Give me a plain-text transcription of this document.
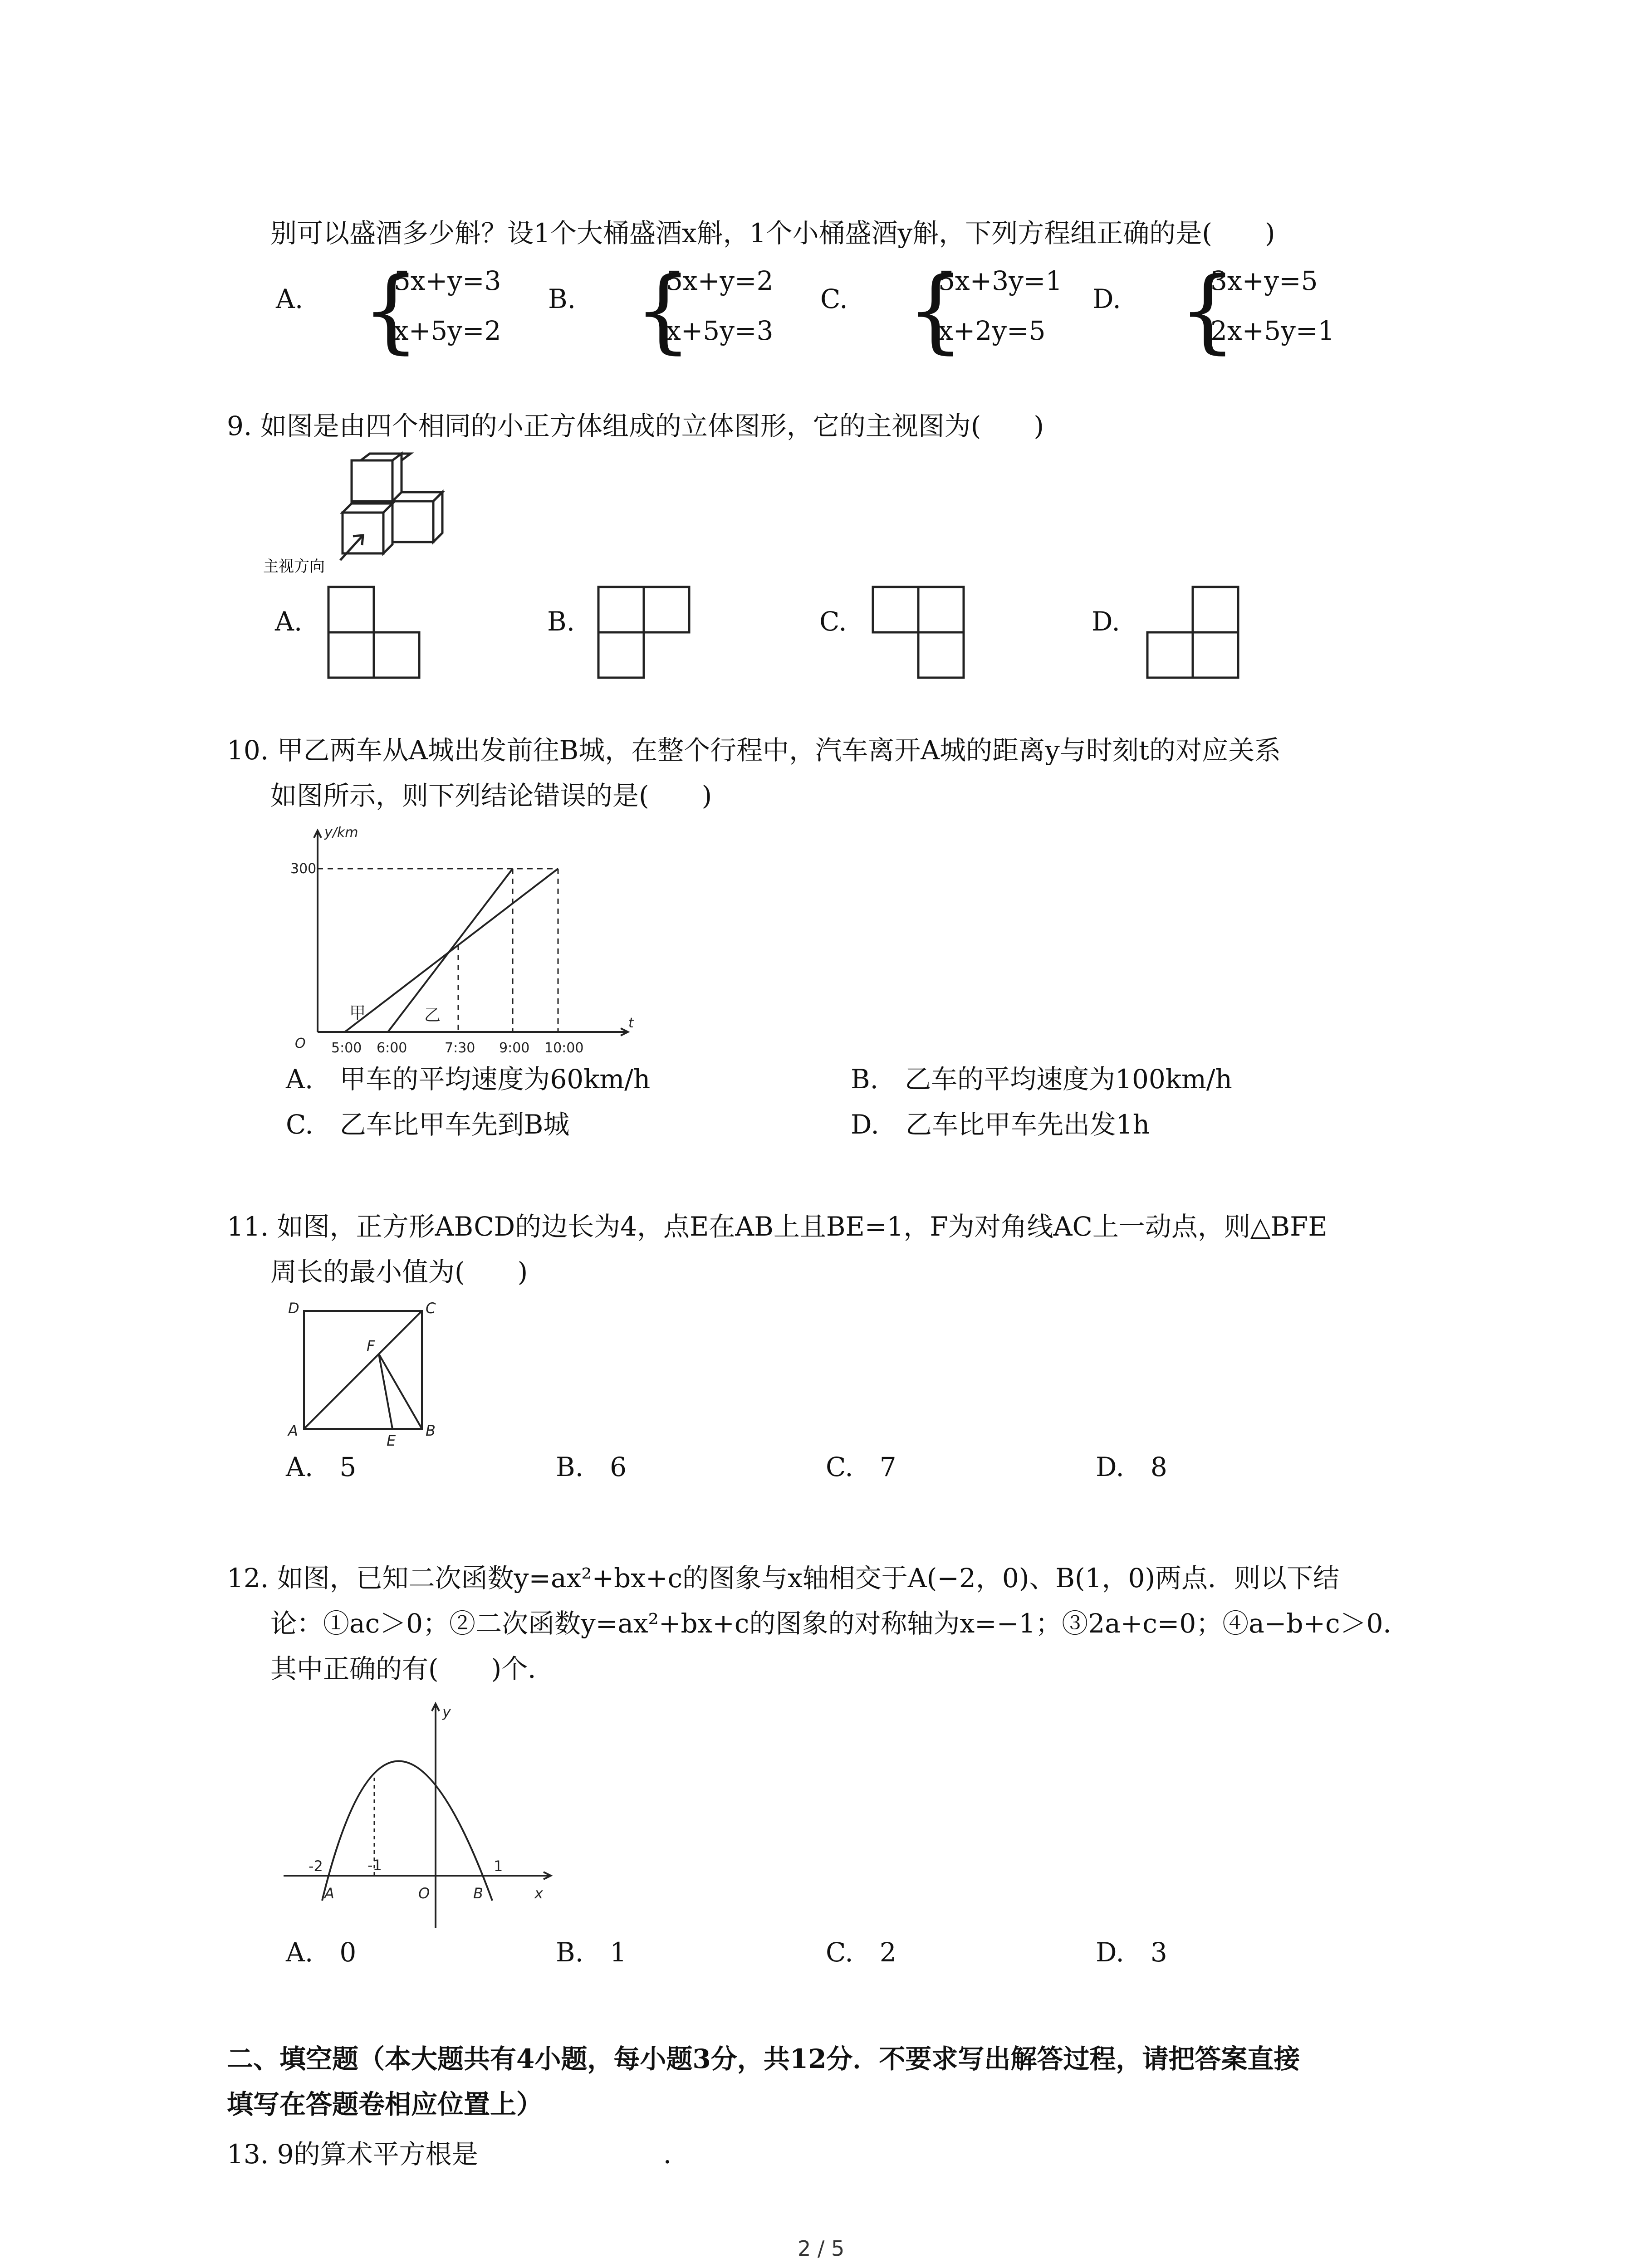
别可以盛酒多少斛？设1个大桶盛酒x斛，1个小桶盛酒y斛，下列方程组正确的是(　　)
A. {
5x+y=3
x+5y=2
B. {
5x+y=2
x+5y=3
C. {
5x+3y=1
x+2y=5
D. {
3x+y=5
2x+5y=1
9. 如图是由四个相同的小正方体组成的立体图形，它的主视图为(　　)
主视方向
A.	B.	C.	D.
10. 甲乙两车从A城出发前往B城，在整个行程中，汽车离开A城的距离y与时刻t的对应关系
如图所示，则下列结论错误的是(　　)
y/km
t
O
300
5:00 6:00	7:30 9:00 10:00
甲	乙
A.　 甲车的平均速度为60km/h	B.　 乙车的平均速度为100km/h
C.　 乙车比甲车先到B城	D.　 乙车比甲车先出发1h
11. 如图，正方形ABCD的边长为4，点E在AB上且BE=1，F为对角线AC上一动点，则△BFE
周长的最小值为(　　)
D	C
F
A
E
B
A.　 5	B.　 6	C.　 7	D.　 8
12. 如图，已知二次函数y=ax²+bx+c的图象与x轴相交于A(−2，0)、B(1，0)两点．则以下结
论：①ac＞0；②二次函数y=ax²+bx+c的图象的对称轴为x=−1；③2a+c=0；④a−b+c＞0．
其中正确的有(　　)个．
y
x
O
-2	-1	1
A	B
A.　 0	B.　 1	C.　 2	D.　 3
二、填空题（本大题共有4小题，每小题3分，共12分．不要求写出解答过程，请把答案直接
填写在答题卷相应位置上）
13. 9的算术平方根是	．
2 / 5
